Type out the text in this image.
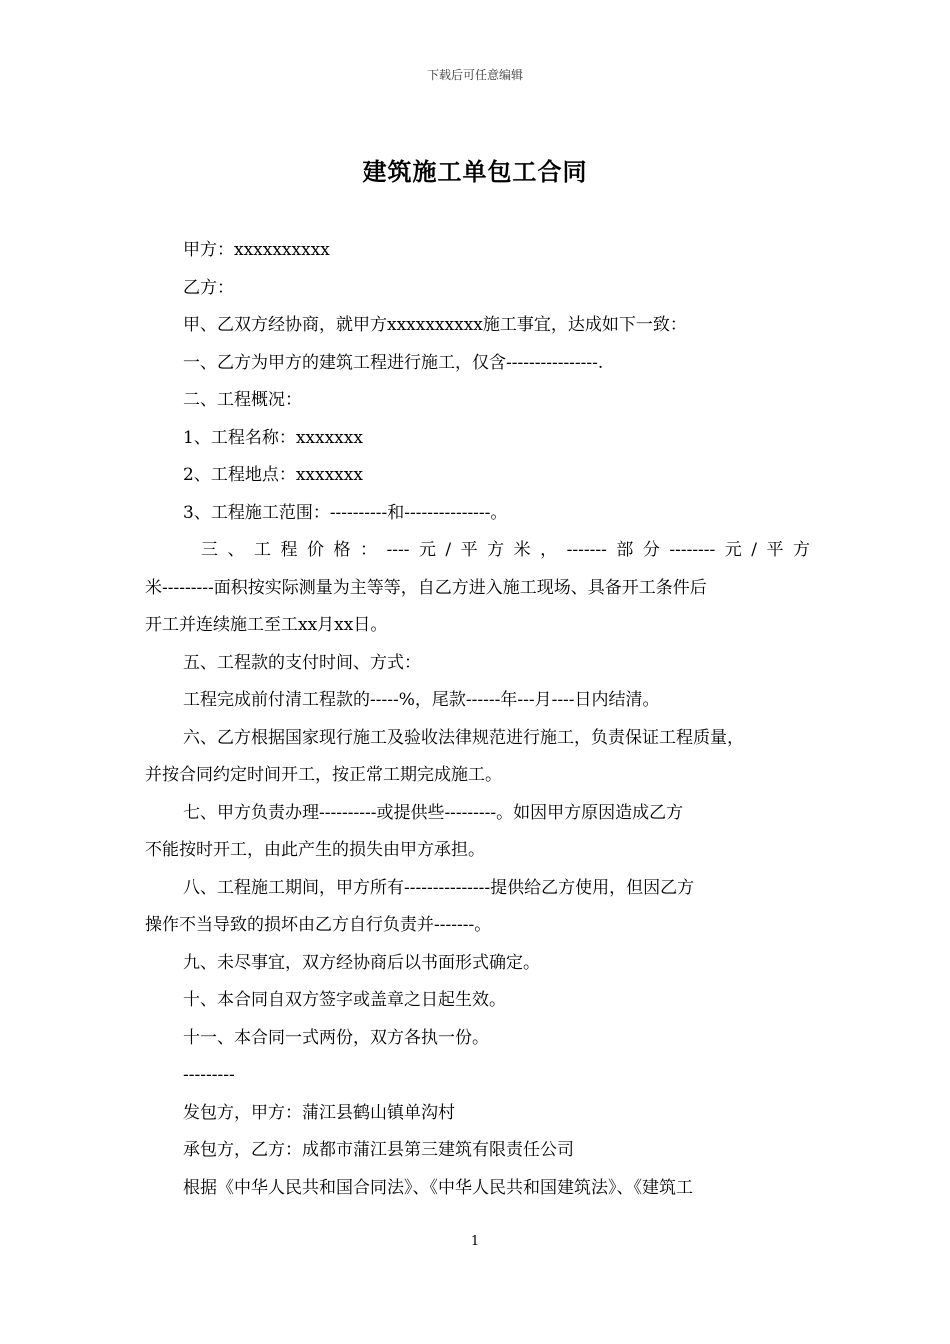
下载后可任意编辑
建筑施工单包工合同

甲方：xxxxxxxxxx

乙方：

甲、乙双方经协商，就甲方xxxxxxxxxx施工事宜，达成如下一致：

一、乙方为甲方的建筑工程进行施工，仅含----------------.

二、工程概况：

1、工程名称：xxxxxxx

2、工程地点：xxxxxxx

3、工程施工范围：----------和---------------。

三、工程价格：----元/平方米，-------部分--------元/平方

米---------面积按实际测量为主等等，自乙方进入施工现场、具备开工条件后

开工并连续施工至工xx月xx日。

五、工程款的支付时间、方式：

工程完成前付清工程款的-----%，尾款------年---月----日内结清。

六、乙方根据国家现行施工及验收法律规范进行施工，负责保证工程质量，

并按合同约定时间开工，按正常工期完成施工。

七、甲方负责办理----------或提供些---------。如因甲方原因造成乙方

不能按时开工，由此产生的损失由甲方承担。

八、工程施工期间，甲方所有---------------提供给乙方使用，但因乙方

操作不当导致的损坏由乙方自行负责并-------。

九、未尽事宜，双方经协商后以书面形式确定。

十、本合同自双方签字或盖章之日起生效。

十一、本合同一式两份，双方各执一份。

---------

发包方，甲方：蒲江县鹤山镇单沟村

承包方，乙方：成都市蒲江县第三建筑有限责任公司

根据《中华人民共和国合同法》、《中华人民共和国建筑法》、《建筑工

1
